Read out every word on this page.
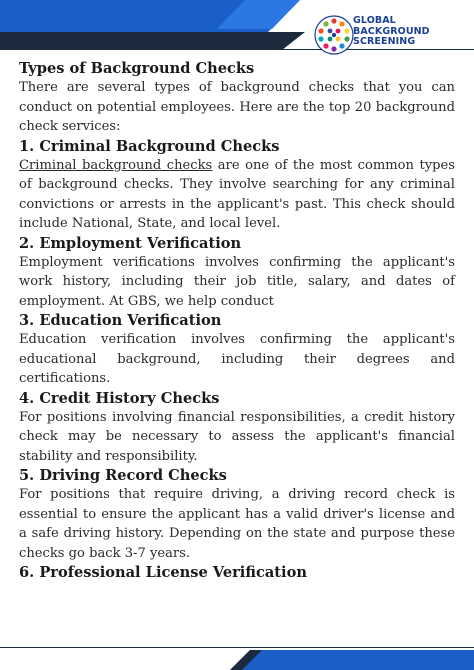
GLOBAL
BACKGROUND
SCREENING
Types of Background Checks

There are several types of background checks that you can conduct on potential employees. Here are the top 20 background check services:

1. Criminal Background Checks

Criminal background checks are one of the most common types of background checks. They involve searching for any criminal convictions or arrests in the applicant's past. This check should include National, State, and local level.

2. Employment Verification

Employment verifications involves confirming the applicant's work history, including their job title, salary, and dates of employment. At GBS, we help conduct

3. Education Verification

Education verification involves confirming the applicant's educational background, including their degrees and certifications.

4. Credit History Checks

For positions involving financial responsibilities, a credit history check may be necessary to assess the applicant's financial stability and responsibility.

5. Driving Record Checks

For positions that require driving, a driving record check is essential to ensure the applicant has a valid driver's license and a safe driving history. Depending on the state and purpose these checks go back 3-7 years.

6. Professional License Verification
